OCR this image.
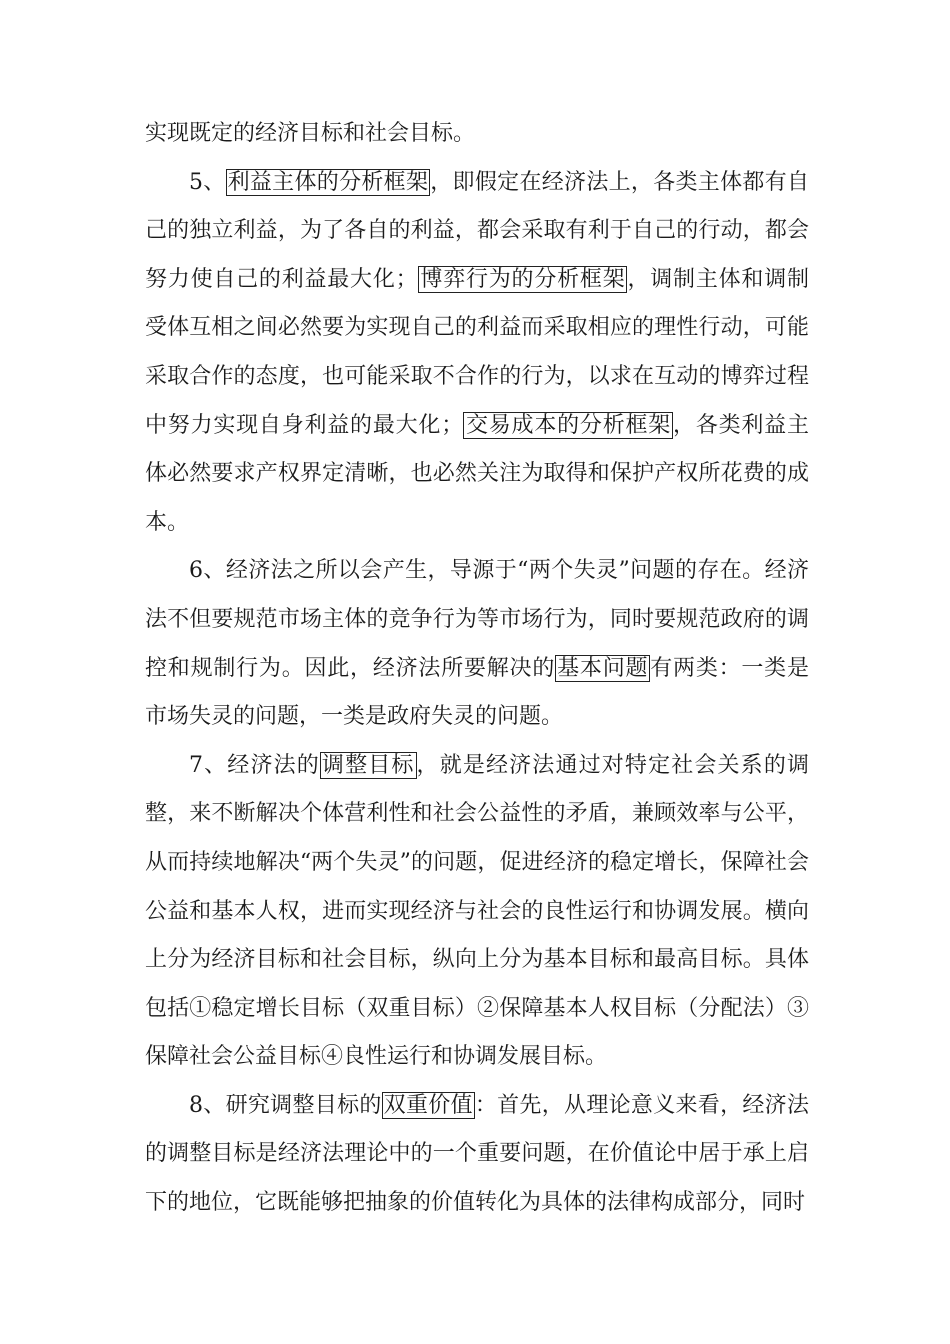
实现既定的经济目标和社会目标。

5、利益主体的分析框架，即假定在经济法上，各类主体都有自己的独立利益，为了各自的利益，都会采取有利于自己的行动，都会努力使自己的利益最大化；博弈行为的分析框架，调制主体和调制受体互相之间必然要为实现自己的利益而采取相应的理性行动，可能采取合作的态度，也可能采取不合作的行为，以求在互动的博弈过程中努力实现自身利益的最大化；交易成本的分析框架，各类利益主体必然要求产权界定清晰，也必然关注为取得和保护产权所花费的成本。

6、经济法之所以会产生，导源于“两个失灵”问题的存在。经济法不但要规范市场主体的竞争行为等市场行为，同时要规范政府的调控和规制行为。因此，经济法所要解决的基本问题有两类：一类是市场失灵的问题，一类是政府失灵的问题。

7、经济法的调整目标，就是经济法通过对特定社会关系的调整，来不断解决个体营利性和社会公益性的矛盾，兼顾效率与公平，从而持续地解决“两个失灵”的问题，促进经济的稳定增长，保障社会公益和基本人权，进而实现经济与社会的良性运行和协调发展。横向上分为经济目标和社会目标，纵向上分为基本目标和最高目标。具体包括①稳定增长目标（双重目标）②保障基本人权目标（分配法）③保障社会公益目标④良性运行和协调发展目标。

8、研究调整目标的双重价值：首先，从理论意义来看，经济法的调整目标是经济法理论中的一个重要问题，在价值论中居于承上启下的地位，它既能够把抽象的价值转化为具体的法律构成部分，同时
